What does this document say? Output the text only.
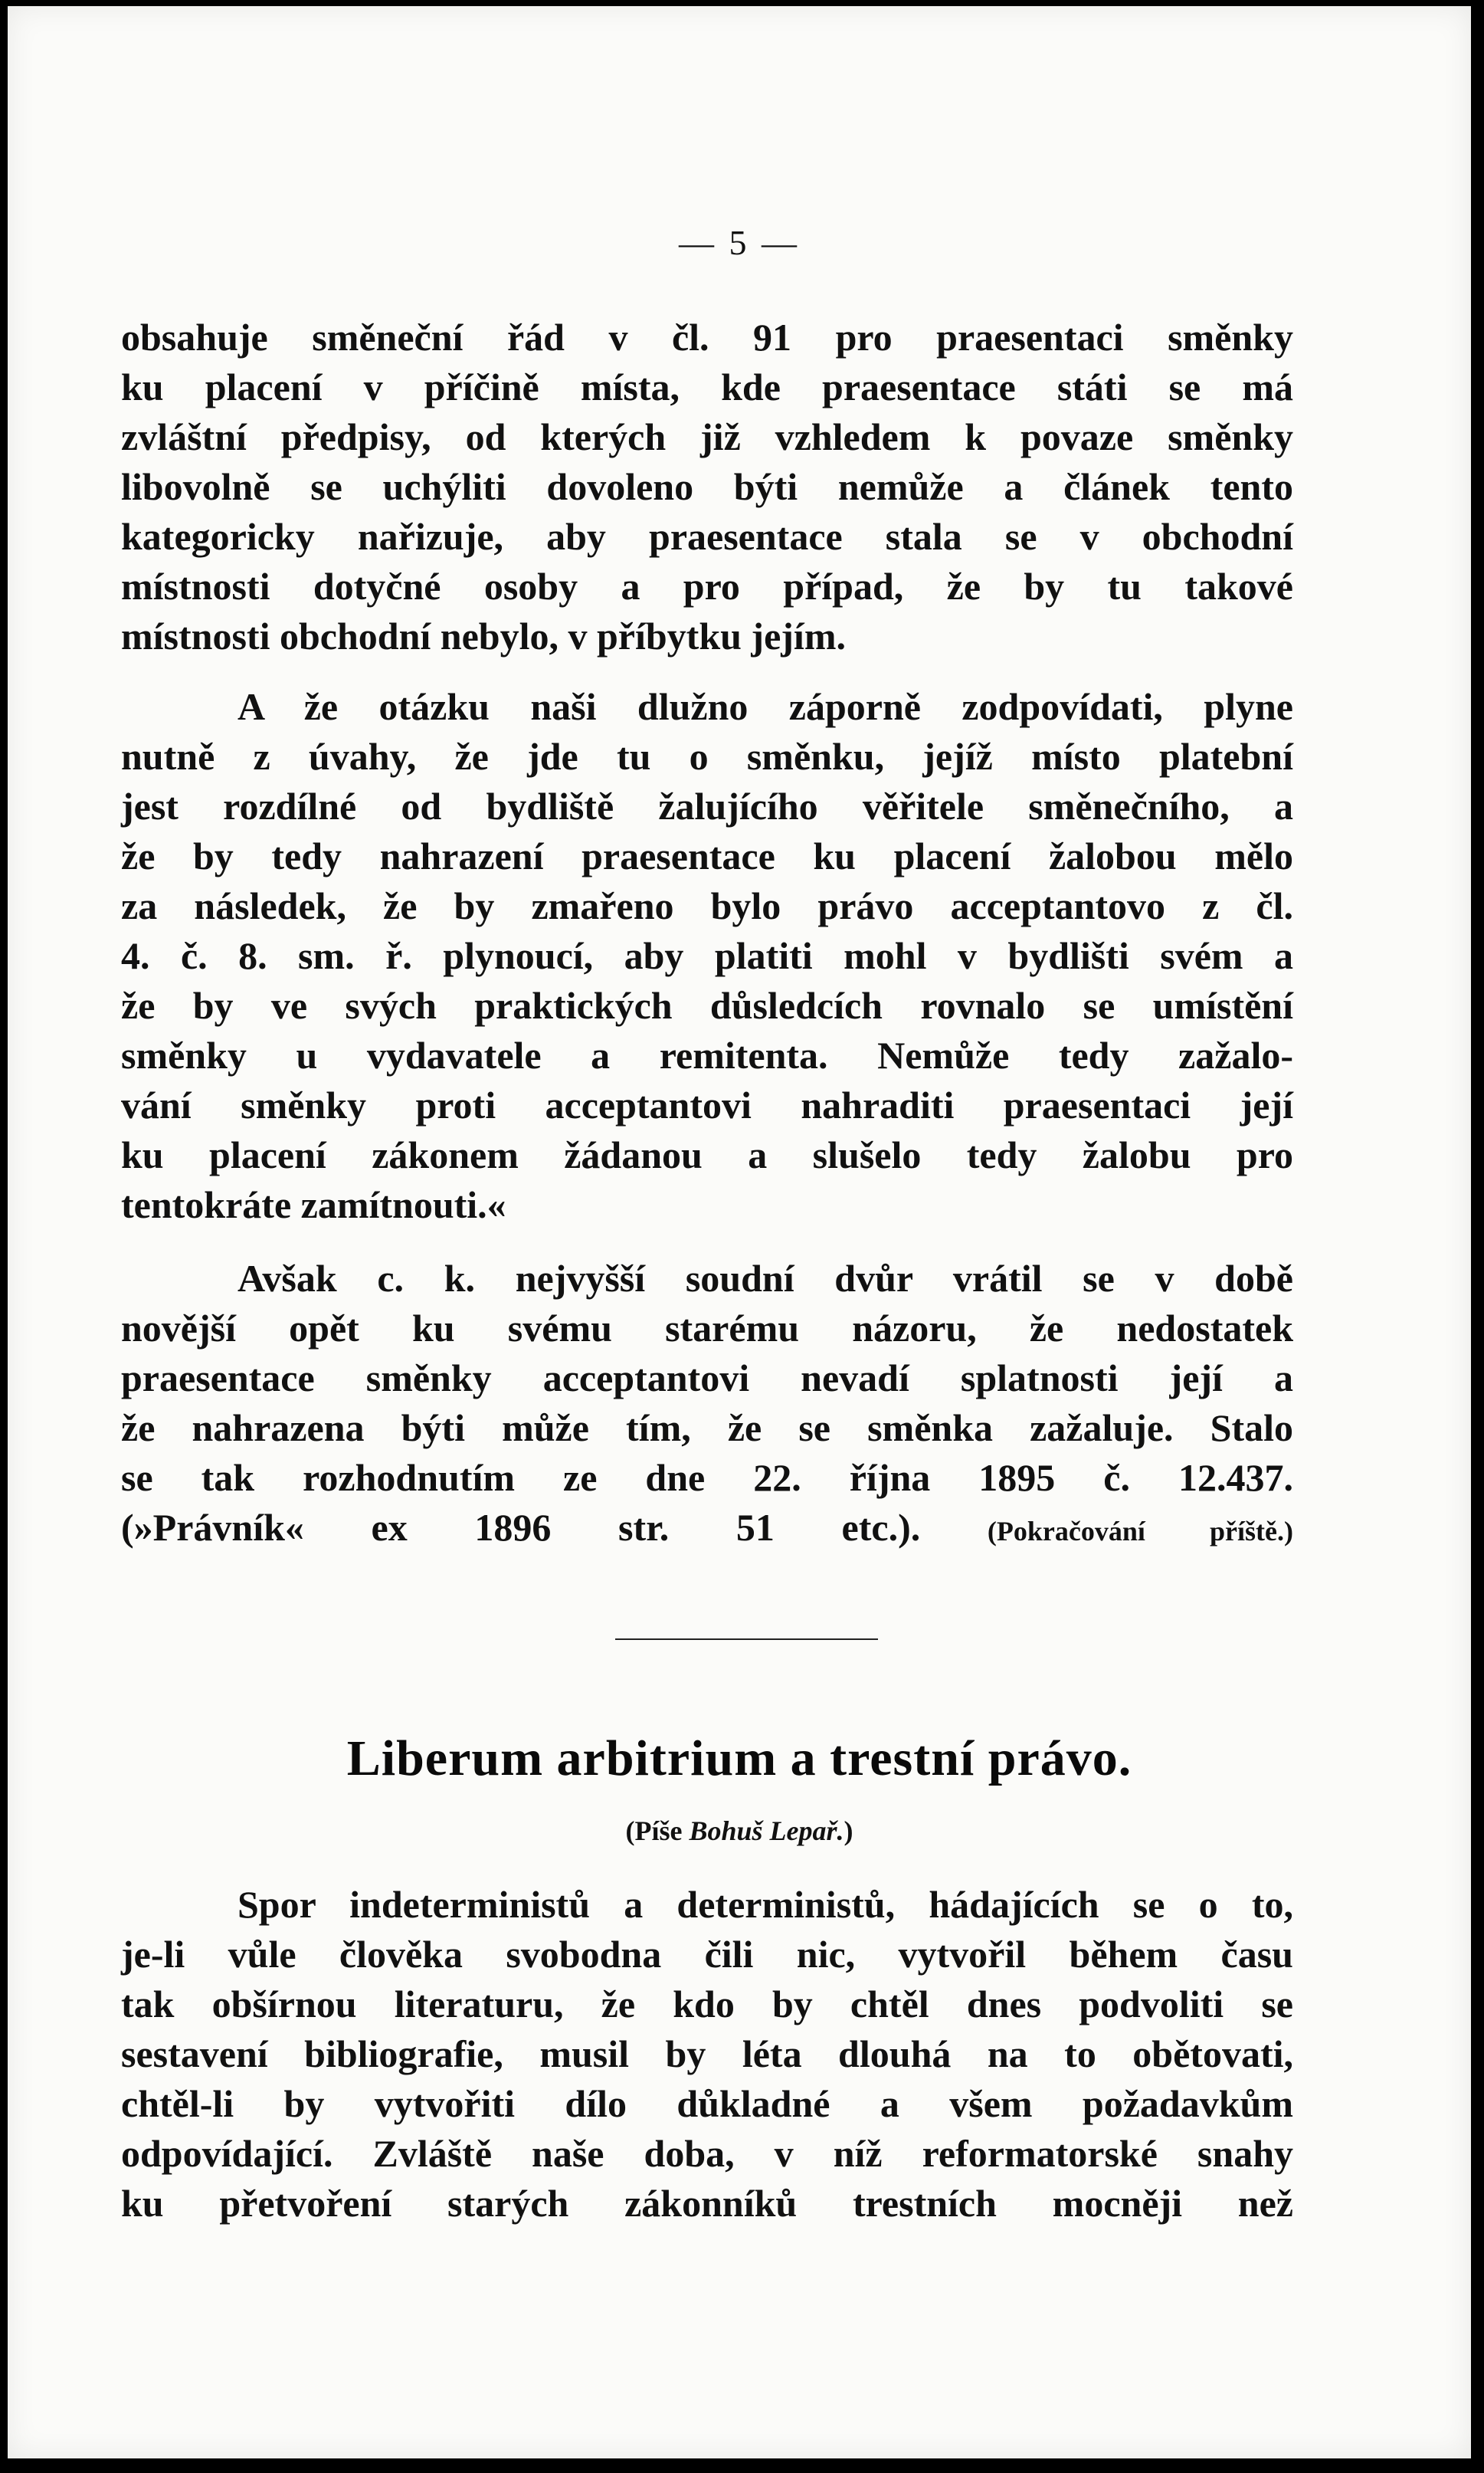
— 5 —
obsahuje směneční řád v čl. 91 pro praesentaci směnky
ku placení v příčině místa, kde praesentace státi se má
zvláštní předpisy, od kterých již vzhledem k povaze směnky
libovolně se uchýliti dovoleno býti nemůže a článek tento
kategoricky nařizuje, aby praesentace stala se v obchodní
místnosti dotyčné osoby a pro případ, že by tu takové
místnosti obchodní nebylo, v příbytku jejím.
A že otázku naši dlužno záporně zodpovídati, plyne
nutně z úvahy, že jde tu o směnku, jejíž místo platební
jest rozdílné od bydliště žalujícího věřitele směnečního, a
že by tedy nahrazení praesentace ku placení žalobou mělo
za následek, že by zmařeno bylo právo acceptantovo z čl.
4. č. 8. sm. ř. plynoucí, aby platiti mohl v bydlišti svém a
že by ve svých praktických důsledcích rovnalo se umístění
směnky u vydavatele a remitenta. Nemůže tedy zažalo-
vání směnky proti acceptantovi nahraditi praesentaci její
ku placení zákonem žádanou a slušelo tedy žalobu pro
tentokráte zamítnouti.«
Avšak c. k. nejvyšší soudní dvůr vrátil se v době
novější opět ku svému starému názoru, že nedostatek
praesentace směnky acceptantovi nevadí splatnosti její a
že nahrazena býti může tím, že se směnka zažaluje. Stalo
se tak rozhodnutím ze dne 22. října 1895 č. 12.437.
(»Právník« ex 1896 str. 51 etc.). (Pokračování příště.)
Liberum arbitrium a trestní právo.
(Píše Bohuš Lepař.)
Spor indeterministů a deterministů, hádajících se o to,
je-li vůle člověka svobodna čili nic, vytvořil během času
tak obšírnou literaturu, že kdo by chtěl dnes podvoliti se
sestavení bibliografie, musil by léta dlouhá na to obětovati,
chtěl-li by vytvořiti dílo důkladné a všem požadavkům
odpovídající. Zvláště naše doba, v níž reformatorské snahy
ku přetvoření starých zákonníků trestních mocněji než
